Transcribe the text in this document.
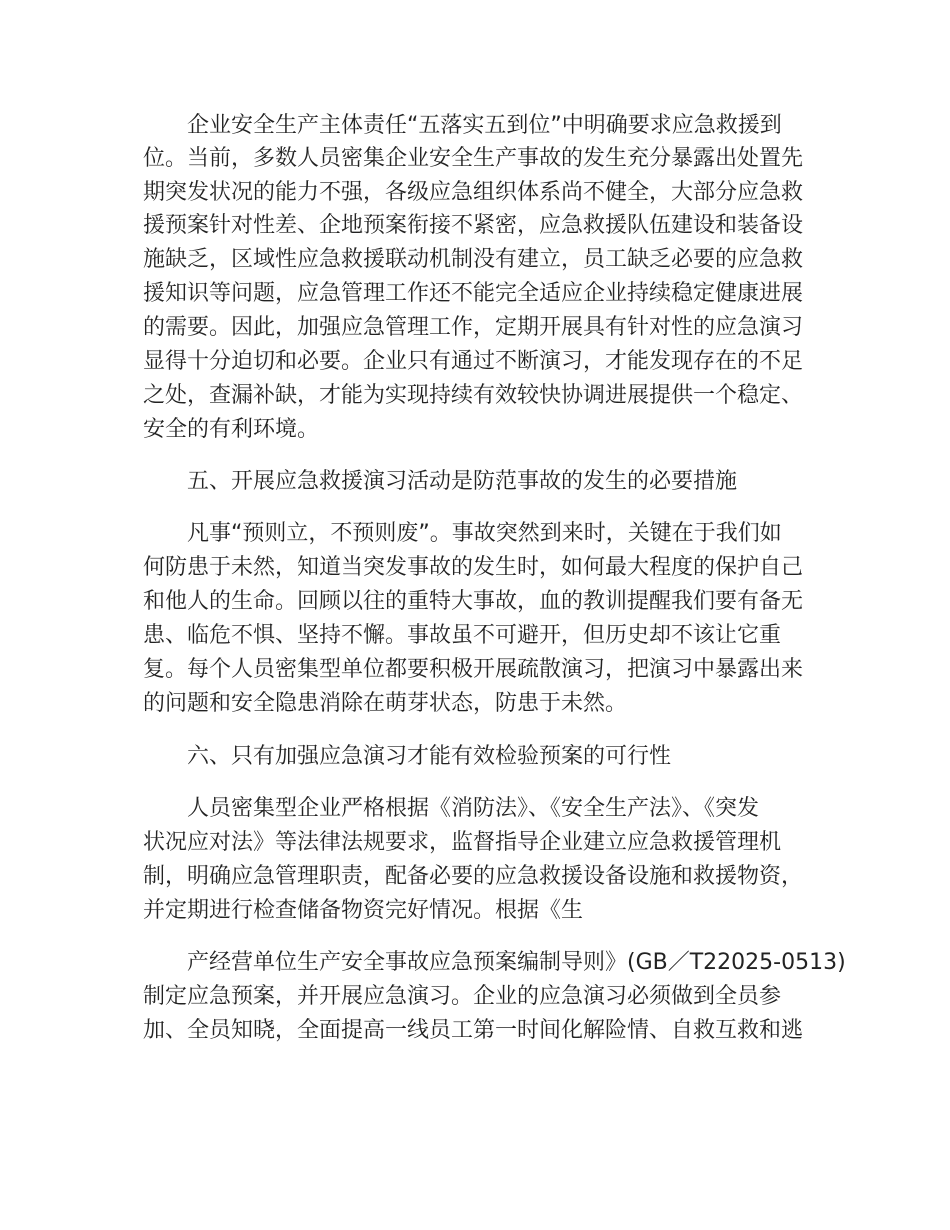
企业安全生产主体责任“五落实五到位”中明确要求应急救援到
位。当前，多数人员密集企业安全生产事故的发生充分暴露出处置先
期突发状况的能力不强，各级应急组织体系尚不健全，大部分应急救
援预案针对性差、企地预案衔接不紧密，应急救援队伍建设和装备设
施缺乏，区域性应急救援联动机制没有建立，员工缺乏必要的应急救
援知识等问题，应急管理工作还不能完全适应企业持续稳定健康进展
的需要。因此，加强应急管理工作，定期开展具有针对性的应急演习
显得十分迫切和必要。企业只有通过不断演习，才能发现存在的不足
之处，查漏补缺，才能为实现持续有效较快协调进展提供一个稳定、
安全的有利环境。
五、开展应急救援演习活动是防范事故的发生的必要措施
凡事“预则立，不预则废”。事故突然到来时，关键在于我们如
何防患于未然，知道当突发事故的发生时，如何最大程度的保护自己
和他人的生命。回顾以往的重特大事故，血的教训提醒我们要有备无
患、临危不惧、坚持不懈。事故虽不可避开，但历史却不该让它重
复。每个人员密集型单位都要积极开展疏散演习，把演习中暴露出来
的问题和安全隐患消除在萌芽状态，防患于未然。
六、只有加强应急演习才能有效检验预案的可行性
人员密集型企业严格根据《消防法》、《安全生产法》、《突发
状况应对法》等法律法规要求，监督指导企业建立应急救援管理机
制，明确应急管理职责，配备必要的应急救援设备设施和救援物资，
并定期进行检查储备物资完好情况。根据《生
产经营单位生产安全事故应急预案编制导则》(GB／T22025-0513)
制定应急预案，并开展应急演习。企业的应急演习必须做到全员参
加、全员知晓，全面提高一线员工第一时间化解险情、自救互救和逃
